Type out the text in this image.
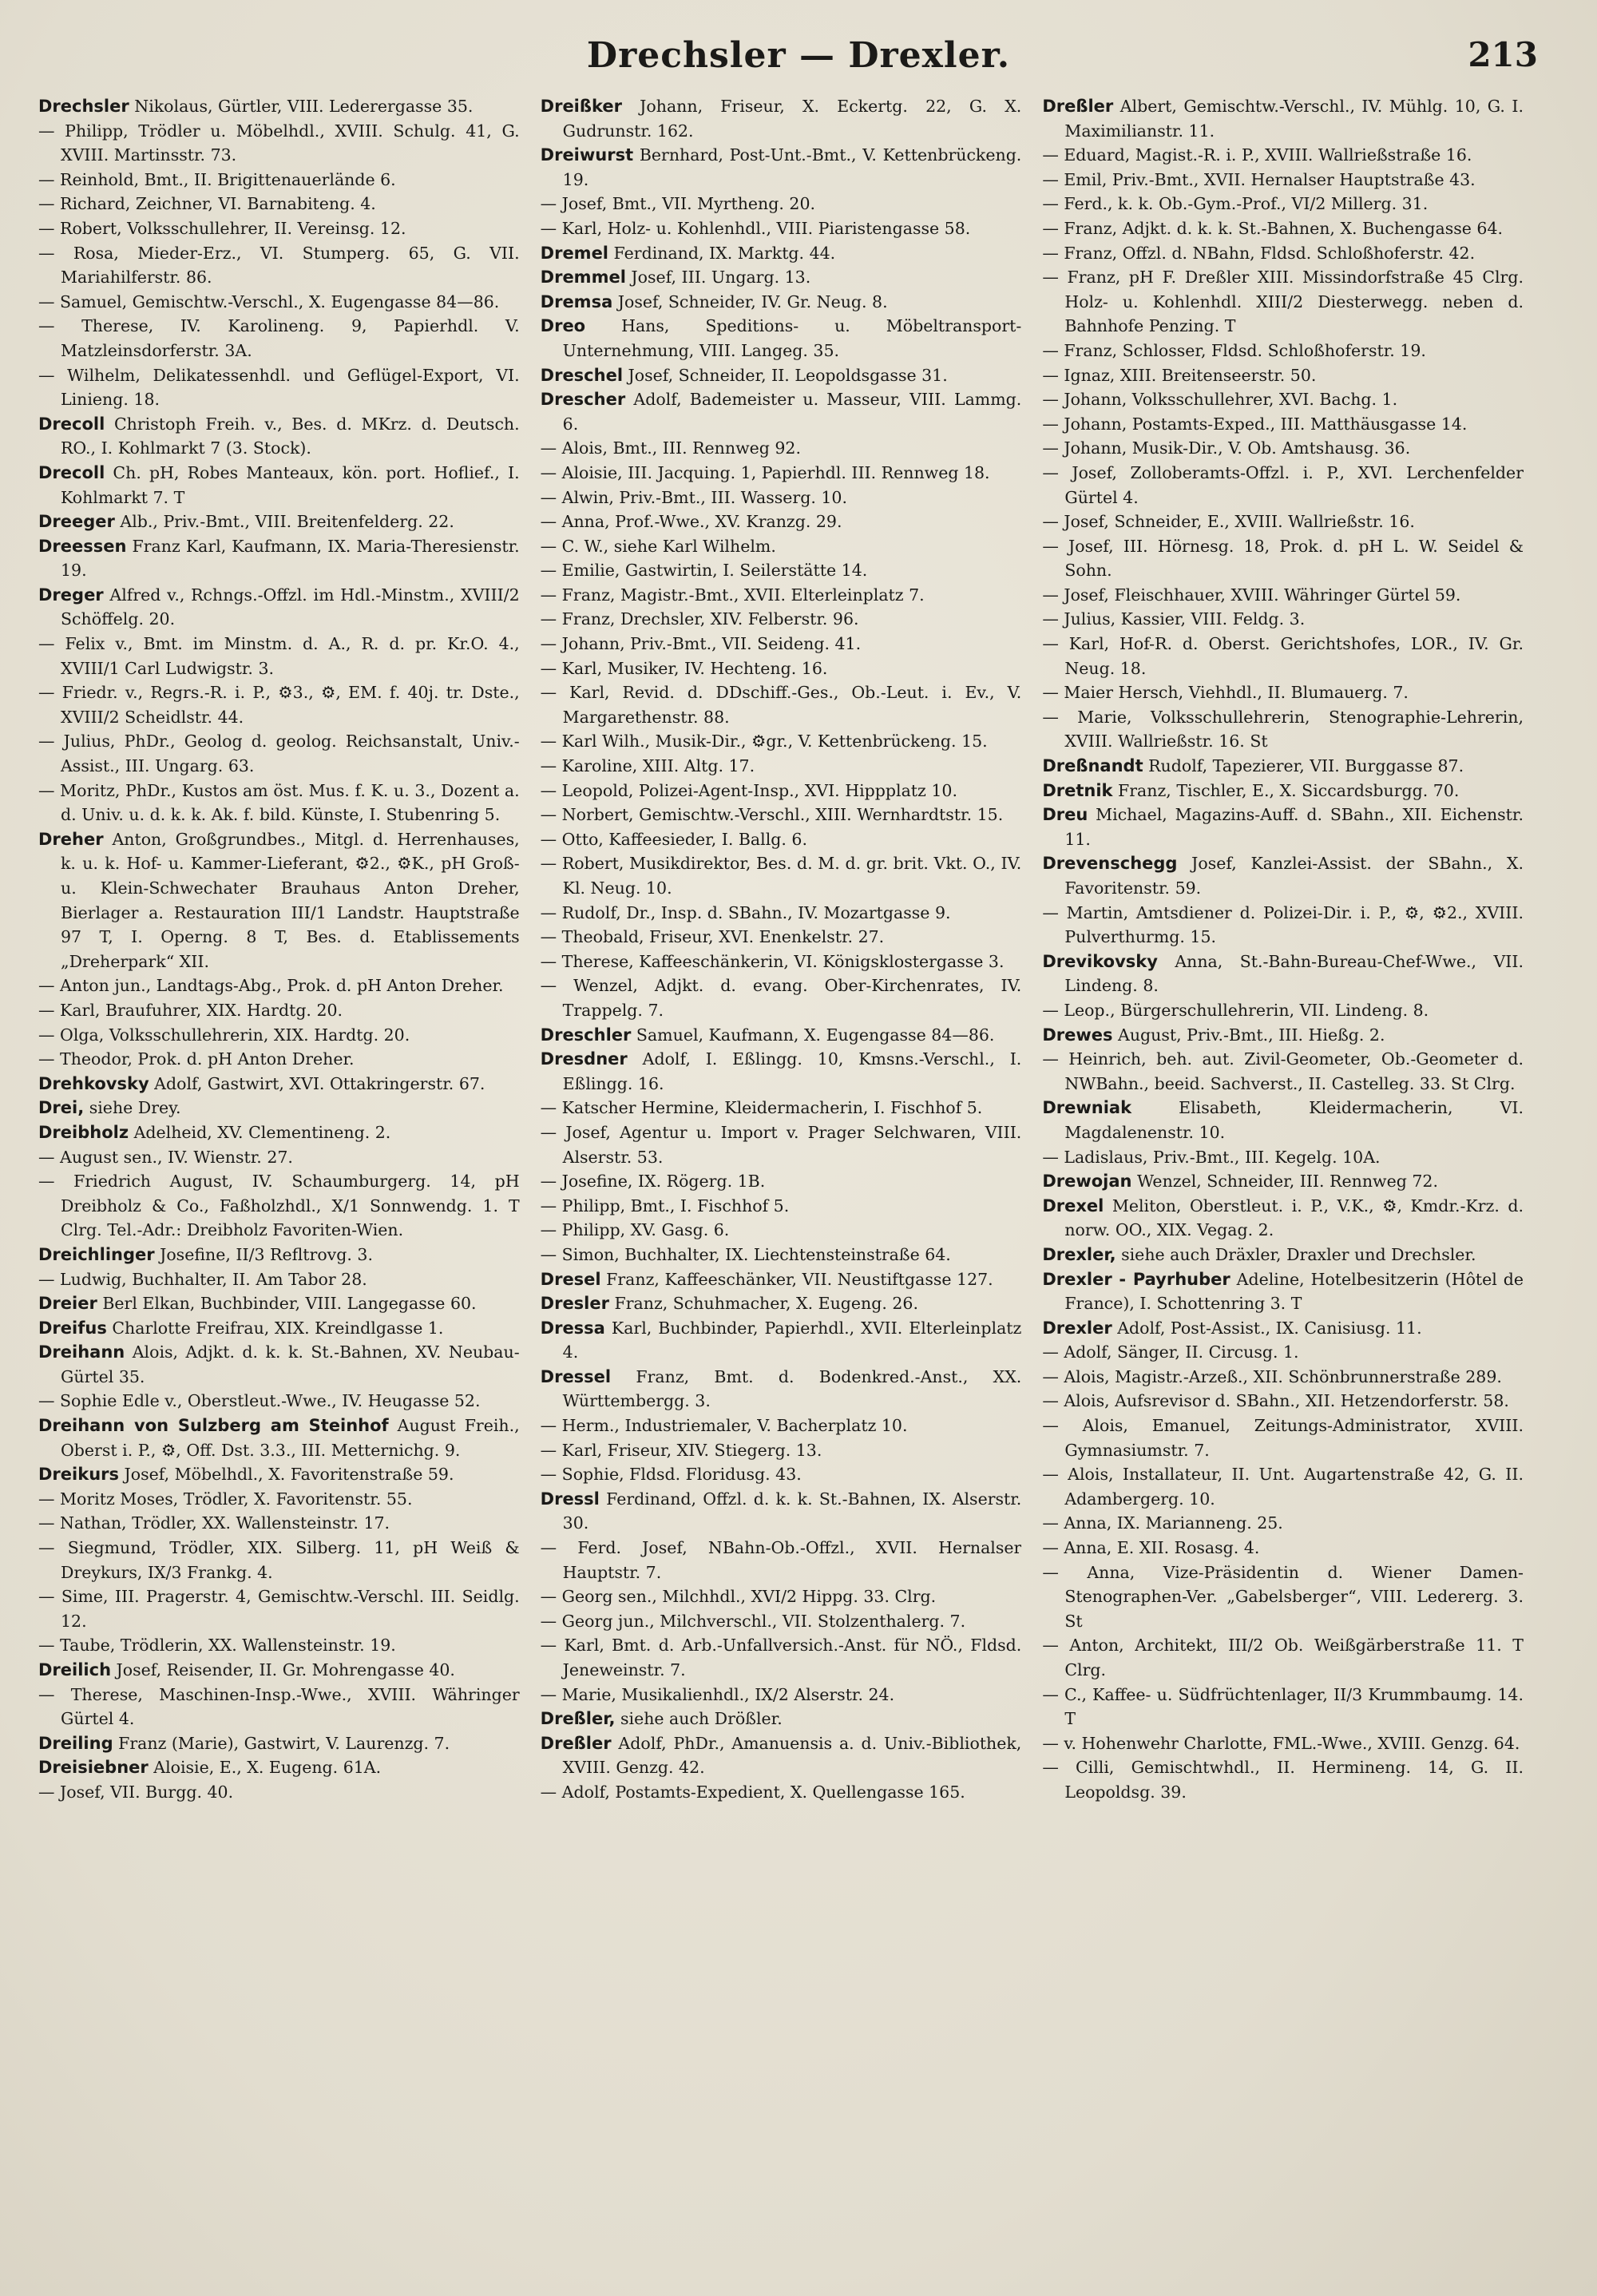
Drechsler — Drexler.	213

Drechsler Nikolaus, Gürtler, VIII. Lederergasse 35.

— Philipp, Trödler u. Möbelhdl., XVIII. Schulg. 41, G. XVIII. Martinsstr. 73.

— Reinhold, Bmt., II. Brigittenauerlände 6.

— Richard, Zeichner, VI. Barnabiteng. 4.

— Robert, Volksschullehrer, II. Vereinsg. 12.

— Rosa, Mieder-Erz., VI. Stumperg. 65, G. VII. Mariahilferstr. 86.

— Samuel, Gemischtw.-Verschl., X. Eugengasse 84—86.

— Therese, IV. Karolineng. 9, Papierhdl. V. Matzleinsdorferstr. 3A.

— Wilhelm, Delikatessenhdl. und Geflügel-Export, VI. Linieng. 18.

Drecoll Christoph Freih. v., Bes. d. MKrz. d. Deutsch. RO., I. Kohlmarkt 7 (3. Stock).

Drecoll Ch. pH, Robes Manteaux, kön. port. Hoflief., I. Kohlmarkt 7. T

Dreeger Alb., Priv.-Bmt., VIII. Breitenfelderg. 22.

Dreessen Franz Karl, Kaufmann, IX. Maria-Theresienstr. 19.

Dreger Alfred v., Rchngs.-Offzl. im Hdl.-Minstm., XVIII/2 Schöffelg. 20.

— Felix v., Bmt. im Minstm. d. A., R. d. pr. Kr.O. 4., XVIII/1 Carl Ludwigstr. 3.

— Friedr. v., Regrs.-R. i. P., ⚙3., ⚙, EM. f. 40j. tr. Dste., XVIII/2 Scheidlstr. 44.

— Julius, PhDr., Geolog d. geolog. Reichsanstalt, Univ.-Assist., III. Ungarg. 63.

— Moritz, PhDr., Kustos am öst. Mus. f. K. u. 3., Dozent a. d. Univ. u. d. k. k. Ak. f. bild. Künste, I. Stubenring 5.

Dreher Anton, Großgrundbes., Mitgl. d. Herrenhauses, k. u. k. Hof- u. Kammer-Lieferant, ⚙2., ⚙K., pH Groß- u. Klein-Schwechater Brauhaus Anton Dreher, Bierlager a. Restauration III/1 Landstr. Hauptstraße 97 T, I. Operng. 8 T, Bes. d. Etablissements „Dreherpark“ XII.

— Anton jun., Landtags-Abg., Prok. d. pH Anton Dreher.

— Karl, Braufuhrer, XIX. Hardtg. 20.

— Olga, Volksschullehrerin, XIX. Hardtg. 20.

— Theodor, Prok. d. pH Anton Dreher.

Drehkovsky Adolf, Gastwirt, XVI. Ottakringerstr. 67.

Drei, siehe Drey.

Dreibholz Adelheid, XV. Clementineng. 2.

— August sen., IV. Wienstr. 27.

— Friedrich August, IV. Schaumburgerg. 14, pH Dreibholz & Co., Faßholzhdl., X/1 Sonnwendg. 1. T Clrg. Tel.-Adr.: Dreibholz Favoriten-Wien.

Dreichlinger Josefine, II/3 Refltrovg. 3.

— Ludwig, Buchhalter, II. Am Tabor 28.

Dreier Berl Elkan, Buchbinder, VIII. Langegasse 60.

Dreifus Charlotte Freifrau, XIX. Kreindlgasse 1.

Dreihann Alois, Adjkt. d. k. k. St.-Bahnen, XV. Neubau-Gürtel 35.

— Sophie Edle v., Oberstleut.-Wwe., IV. Heugasse 52.

Dreihann von Sulzberg am Steinhof August Freih., Oberst i. P., ⚙, Off. Dst. 3.3., III. Metternichg. 9.

Dreikurs Josef, Möbelhdl., X. Favoritenstraße 59.

— Moritz Moses, Trödler, X. Favoritenstr. 55.

— Nathan, Trödler, XX. Wallensteinstr. 17.

— Siegmund, Trödler, XIX. Silberg. 11, pH Weiß & Dreykurs, IX/3 Frankg. 4.

— Sime, III. Pragerstr. 4, Gemischtw.-Verschl. III. Seidlg. 12.

— Taube, Trödlerin, XX. Wallensteinstr. 19.

Dreilich Josef, Reisender, II. Gr. Mohrengasse 40.

— Therese, Maschinen-Insp.-Wwe., XVIII. Währinger Gürtel 4.

Dreiling Franz (Marie), Gastwirt, V. Laurenzg. 7.

Dreisiebner Aloisie, E., X. Eugeng. 61A.

— Josef, VII. Burgg. 40.

Dreißker Johann, Friseur, X. Eckertg. 22, G. X. Gudrunstr. 162.

Dreiwurst Bernhard, Post-Unt.-Bmt., V. Kettenbrückeng. 19.

— Josef, Bmt., VII. Myrtheng. 20.

— Karl, Holz- u. Kohlenhdl., VIII. Piaristengasse 58.

Dremel Ferdinand, IX. Marktg. 44.

Dremmel Josef, III. Ungarg. 13.

Dremsa Josef, Schneider, IV. Gr. Neug. 8.

Dreo Hans, Speditions- u. Möbeltransport-Unternehmung, VIII. Langeg. 35.

Dreschel Josef, Schneider, II. Leopoldsgasse 31.

Drescher Adolf, Bademeister u. Masseur, VIII. Lammg. 6.

— Alois, Bmt., III. Rennweg 92.

— Aloisie, III. Jacquing. 1, Papierhdl. III. Rennweg 18.

— Alwin, Priv.-Bmt., III. Wasserg. 10.

— Anna, Prof.-Wwe., XV. Kranzg. 29.

— C. W., siehe Karl Wilhelm.

— Emilie, Gastwirtin, I. Seilerstätte 14.

— Franz, Magistr.-Bmt., XVII. Elterleinplatz 7.

— Franz, Drechsler, XIV. Felberstr. 96.

— Johann, Priv.-Bmt., VII. Seideng. 41.

— Karl, Musiker, IV. Hechteng. 16.

— Karl, Revid. d. DDschiff.-Ges., Ob.-Leut. i. Ev., V. Margarethenstr. 88.

— Karl Wilh., Musik-Dir., ⚙gr., V. Kettenbrückeng. 15.

— Karoline, XIII. Altg. 17.

— Leopold, Polizei-Agent-Insp., XVI. Hippplatz 10.

— Norbert, Gemischtw.-Verschl., XIII. Wernhardtstr. 15.

— Otto, Kaffeesieder, I. Ballg. 6.

— Robert, Musikdirektor, Bes. d. M. d. gr. brit. Vkt. O., IV. Kl. Neug. 10.

— Rudolf, Dr., Insp. d. SBahn., IV. Mozartgasse 9.

— Theobald, Friseur, XVI. Enenkelstr. 27.

— Therese, Kaffeeschänkerin, VI. Königsklostergasse 3.

— Wenzel, Adjkt. d. evang. Ober-Kirchenrates, IV. Trappelg. 7.

Dreschler Samuel, Kaufmann, X. Eugengasse 84—86.

Dresdner Adolf, I. Eßlingg. 10, Kmsns.-Verschl., I. Eßlingg. 16.

— Katscher Hermine, Kleidermacherin, I. Fischhof 5.

— Josef, Agentur u. Import v. Prager Selchwaren, VIII. Alserstr. 53.

— Josefine, IX. Rögerg. 1B.

— Philipp, Bmt., I. Fischhof 5.

— Philipp, XV. Gasg. 6.

— Simon, Buchhalter, IX. Liechtensteinstraße 64.

Dresel Franz, Kaffeeschänker, VII. Neustiftgasse 127.

Dresler Franz, Schuhmacher, X. Eugeng. 26.

Dressa Karl, Buchbinder, Papierhdl., XVII. Elterleinplatz 4.

Dressel Franz, Bmt. d. Bodenkred.-Anst., XX. Württembergg. 3.

— Herm., Industriemaler, V. Bacherplatz 10.

— Karl, Friseur, XIV. Stiegerg. 13.

— Sophie, Fldsd. Floridusg. 43.

Dressl Ferdinand, Offzl. d. k. k. St.-Bahnen, IX. Alserstr. 30.

— Ferd. Josef, NBahn-Ob.-Offzl., XVII. Hernalser Hauptstr. 7.

— Georg sen., Milchhdl., XVI/2 Hippg. 33. Clrg.

— Georg jun., Milchverschl., VII. Stolzenthalerg. 7.

— Karl, Bmt. d. Arb.-Unfallversich.-Anst. für NÖ., Fldsd. Jeneweinstr. 7.

— Marie, Musikalienhdl., IX/2 Alserstr. 24.

Dreßler, siehe auch Drößler.

Dreßler Adolf, PhDr., Amanuensis a. d. Univ.-Bibliothek, XVIII. Genzg. 42.

— Adolf, Postamts-Expedient, X. Quellengasse 165.

Dreßler Albert, Gemischtw.-Verschl., IV. Mühlg. 10, G. I. Maximilianstr. 11.

— Eduard, Magist.-R. i. P., XVIII. Wallrießstraße 16.

— Emil, Priv.-Bmt., XVII. Hernalser Hauptstraße 43.

— Ferd., k. k. Ob.-Gym.-Prof., VI/2 Millerg. 31.

— Franz, Adjkt. d. k. k. St.-Bahnen, X. Buchengasse 64.

— Franz, Offzl. d. NBahn, Fldsd. Schloßhoferstr. 42.

— Franz, pH F. Dreßler XIII. Missindorfstraße 45 Clrg. Holz- u. Kohlenhdl. XIII/2 Diesterwegg. neben d. Bahnhofe Penzing. T

— Franz, Schlosser, Fldsd. Schloßhoferstr. 19.

— Ignaz, XIII. Breitenseerstr. 50.

— Johann, Volksschullehrer, XVI. Bachg. 1.

— Johann, Postamts-Exped., III. Matthäusgasse 14.

— Johann, Musik-Dir., V. Ob. Amtshausg. 36.

— Josef, Zolloberamts-Offzl. i. P., XVI. Lerchenfelder Gürtel 4.

— Josef, Schneider, E., XVIII. Wallrießstr. 16.

— Josef, III. Hörnesg. 18, Prok. d. pH L. W. Seidel & Sohn.

— Josef, Fleischhauer, XVIII. Währinger Gürtel 59.

— Julius, Kassier, VIII. Feldg. 3.

— Karl, Hof-R. d. Oberst. Gerichtshofes, LOR., IV. Gr. Neug. 18.

— Maier Hersch, Viehhdl., II. Blumauerg. 7.

— Marie, Volksschullehrerin, Stenographie-Lehrerin, XVIII. Wallrießstr. 16. St

Dreßnandt Rudolf, Tapezierer, VII. Burggasse 87.

Dretnik Franz, Tischler, E., X. Siccardsburgg. 70.

Dreu Michael, Magazins-Auff. d. SBahn., XII. Eichenstr. 11.

Drevenschegg Josef, Kanzlei-Assist. der SBahn., X. Favoritenstr. 59.

— Martin, Amtsdiener d. Polizei-Dir. i. P., ⚙, ⚙2., XVIII. Pulverthurmg. 15.

Drevikovsky Anna, St.-Bahn-Bureau-Chef-Wwe., VII. Lindeng. 8.

— Leop., Bürgerschullehrerin, VII. Lindeng. 8.

Drewes August, Priv.-Bmt., III. Hießg. 2.

— Heinrich, beh. aut. Zivil-Geometer, Ob.-Geometer d. NWBahn., beeid. Sachverst., II. Castelleg. 33. St Clrg.

Drewniak Elisabeth, Kleidermacherin, VI. Magdalenenstr. 10.

— Ladislaus, Priv.-Bmt., III. Kegelg. 10A.

Drewojan Wenzel, Schneider, III. Rennweg 72.

Drexel Meliton, Oberstleut. i. P., V.K., ⚙, Kmdr.-Krz. d. norw. OO., XIX. Vegag. 2.

Drexler, siehe auch Dräxler, Draxler und Drechsler.

Drexler - Payrhuber Adeline, Hotelbesitzerin (Hôtel de France), I. Schottenring 3. T

Drexler Adolf, Post-Assist., IX. Canisiusg. 11.

— Adolf, Sänger, II. Circusg. 1.

— Alois, Magistr.-Arzeß., XII. Schönbrunnerstraße 289.

— Alois, Aufsrevisor d. SBahn., XII. Hetzendorferstr. 58.

— Alois, Emanuel, Zeitungs-Administrator, XVIII. Gymnasiumstr. 7.

— Alois, Installateur, II. Unt. Augartenstraße 42, G. II. Adambergerg. 10.

— Anna, IX. Marianneng. 25.

— Anna, E. XII. Rosasg. 4.

— Anna, Vize-Präsidentin d. Wiener Damen-Stenographen-Ver. „Gabelsberger“, VIII. Ledererg. 3. St

— Anton, Architekt, III/2 Ob. Weißgärberstraße 11. T Clrg.

— C., Kaffee- u. Südfrüchtenlager, II/3 Krummbaumg. 14. T

— v. Hohenwehr Charlotte, FML.-Wwe., XVIII. Genzg. 64.

— Cilli, Gemischtwhdl., II. Hermineng. 14, G. II. Leopoldsg. 39.
